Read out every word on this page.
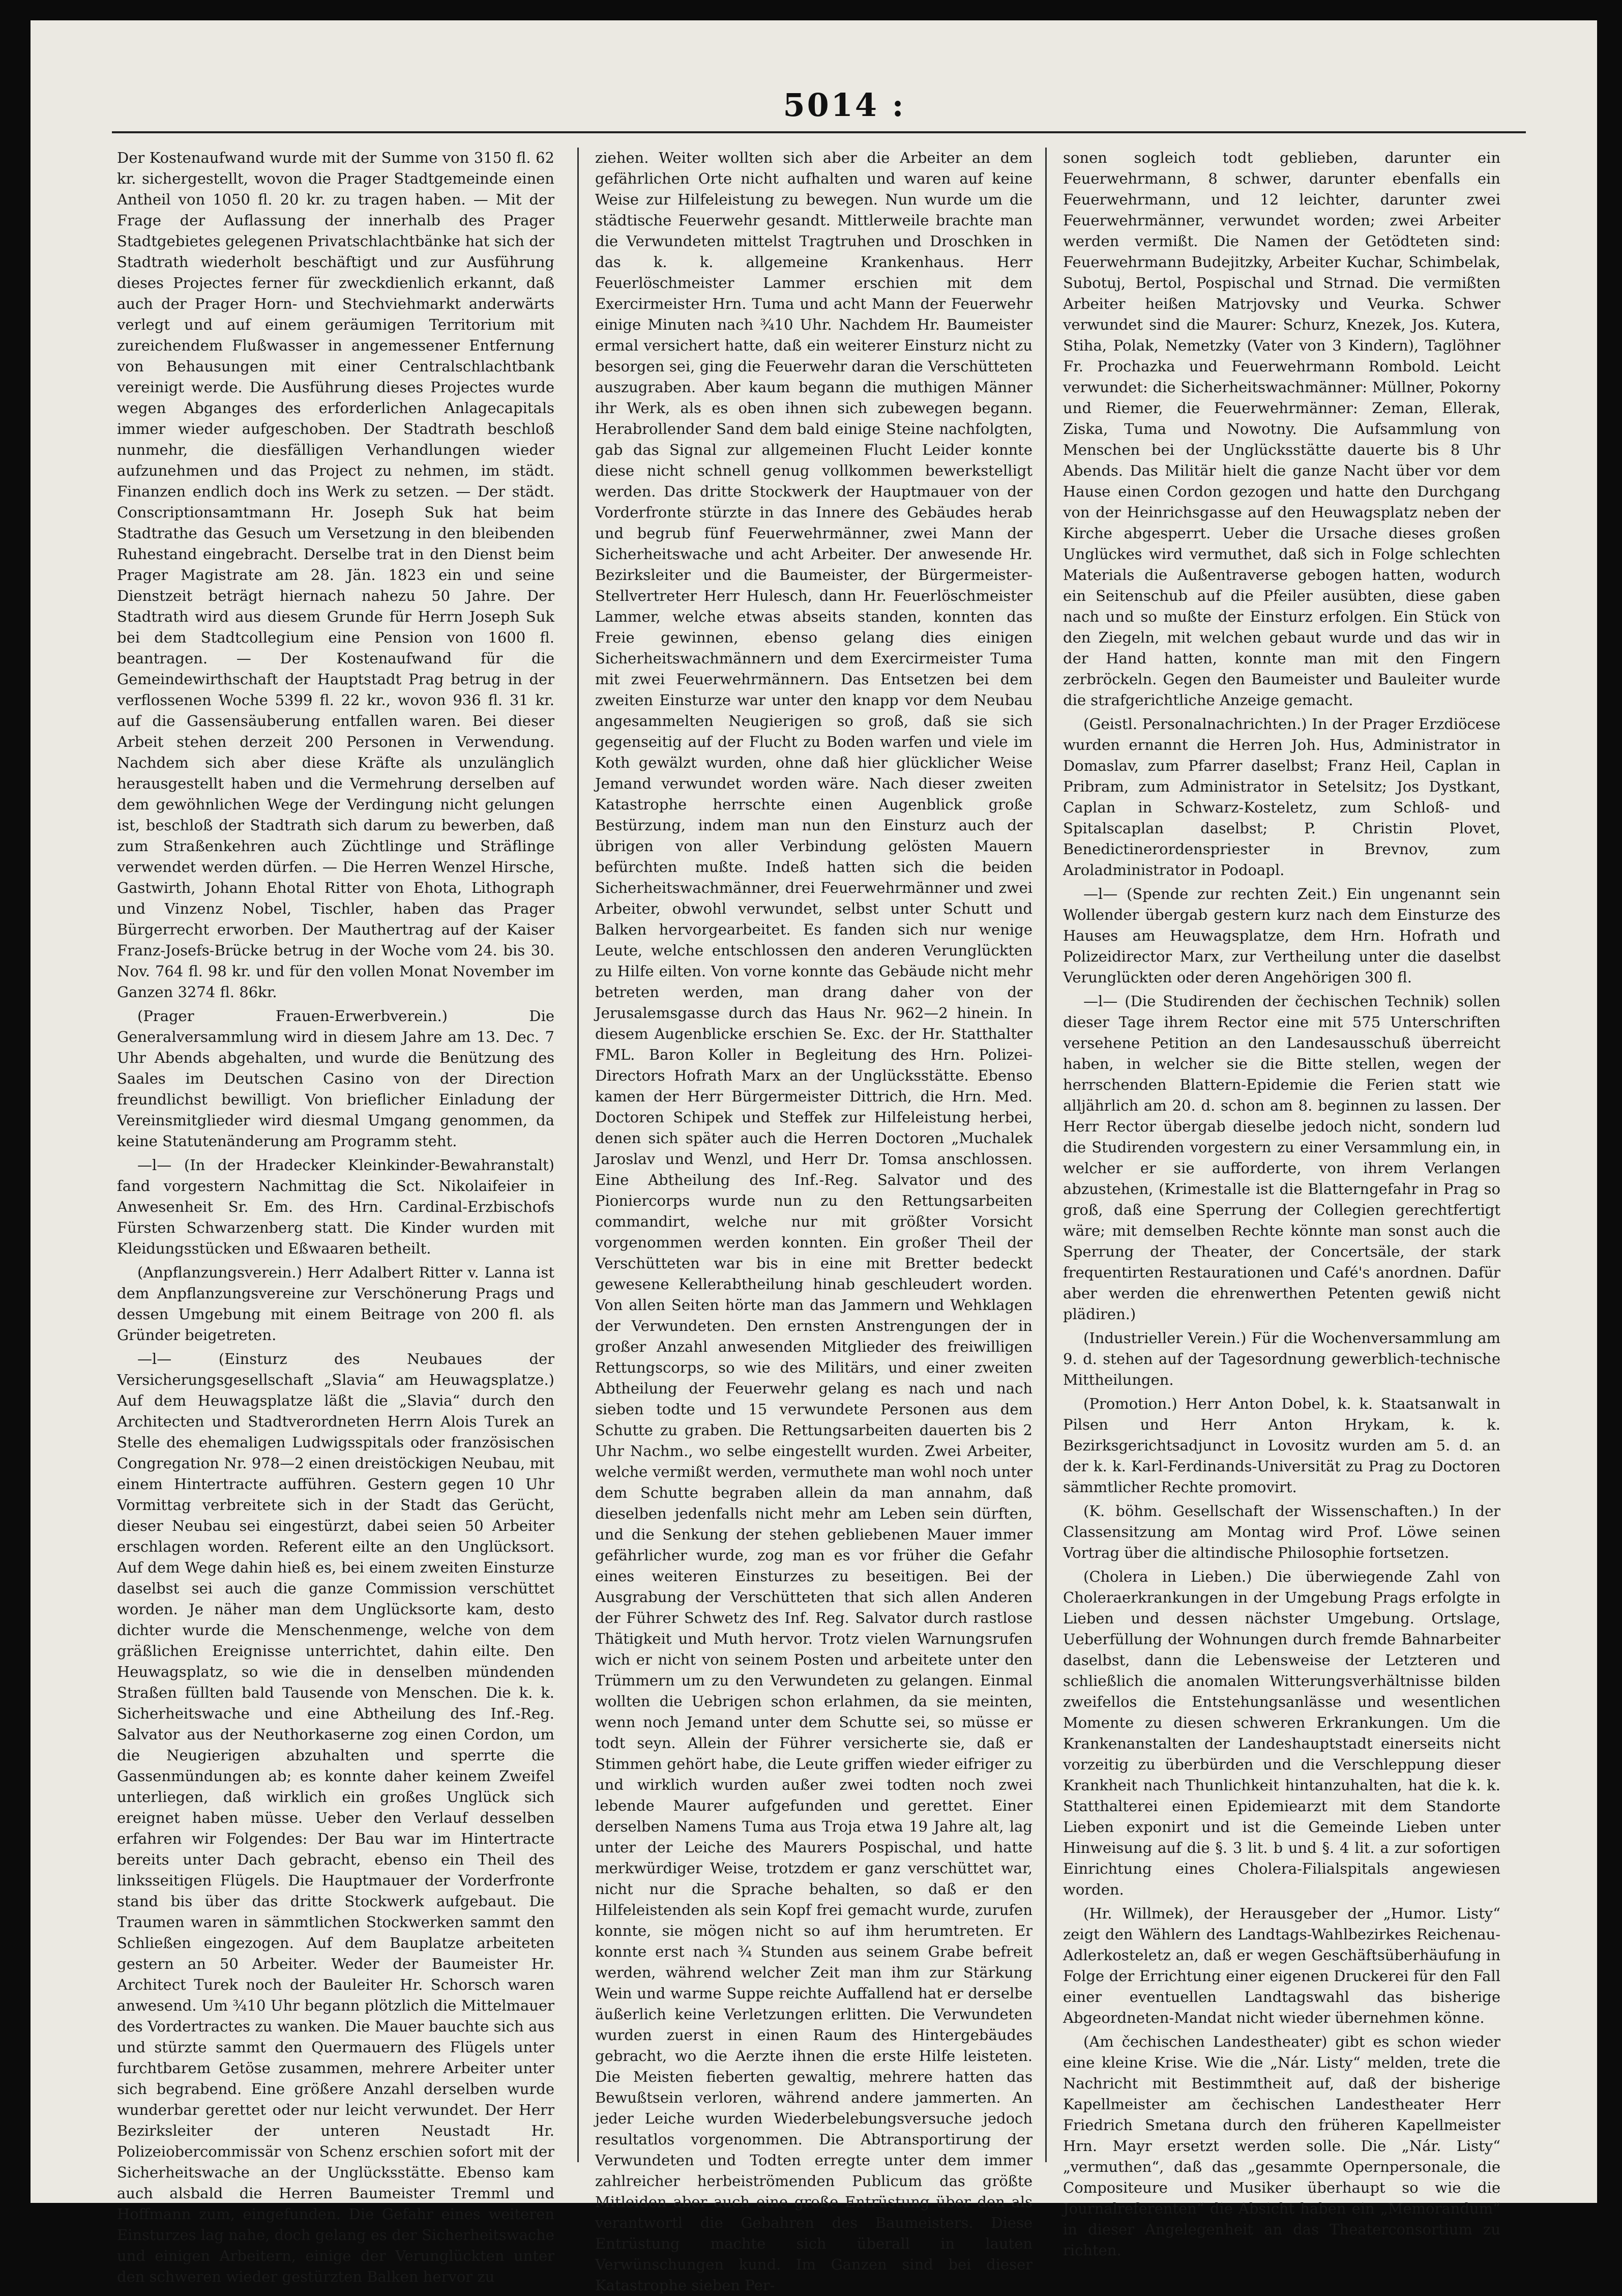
5014 :

Der Kostenaufwand wurde mit der Summe von 3150 fl. 62 kr. sichergestellt, wovon die Prager Stadtgemeinde einen Antheil von 1050 fl. 20 kr. zu tragen haben. — Mit der Frage der Auflassung der innerhalb des Prager Stadtgebietes gelegenen Privatschlachtbänke hat sich der Stadtrath wiederholt beschäftigt und zur Ausführung dieses Projectes ferner für zweckdienlich erkannt, daß auch der Prager Horn- und Stechviehmarkt anderwärts verlegt und auf einem geräumigen Territorium mit zureichendem Flußwasser in angemessener Entfernung von Behausungen mit einer Centralschlachtbank vereinigt werde. Die Ausführung dieses Projectes wurde wegen Abganges des erforderlichen Anlagecapitals immer wieder aufgeschoben. Der Stadtrath beschloß nunmehr, die diesfälligen Verhandlungen wieder aufzunehmen und das Project zu nehmen, im städt. Finanzen endlich doch ins Werk zu setzen. — Der städt. Conscriptionsamtmann Hr. Joseph Suk hat beim Stadtrathe das Gesuch um Versetzung in den bleibenden Ruhestand eingebracht. Derselbe trat in den Dienst beim Prager Magistrate am 28. Jän. 1823 ein und seine Dienstzeit beträgt hiernach nahezu 50 Jahre. Der Stadtrath wird aus diesem Grunde für Herrn Joseph Suk bei dem Stadtcollegium eine Pension von 1600 fl. beantragen. — Der Kostenaufwand für die Gemeindewirthschaft der Hauptstadt Prag betrug in der verflossenen Woche 5399 fl. 22 kr., wovon 936 fl. 31 kr. auf die Gassensäuberung entfallen waren. Bei dieser Arbeit stehen derzeit 200 Personen in Verwendung. Nachdem sich aber diese Kräfte als unzulänglich herausgestellt haben und die Vermehrung derselben auf dem gewöhnlichen Wege der Verdingung nicht gelungen ist, beschloß der Stadtrath sich darum zu bewerben, daß zum Straßenkehren auch Züchtlinge und Sträflinge verwendet werden dürfen. — Die Herren Wenzel Hirsche, Gastwirth, Johann Ehotal Ritter von Ehota, Lithograph und Vinzenz Nobel, Tischler, haben das Prager Bürgerrecht erworben. Der Mauthertrag auf der Kaiser Franz-Josefs-Brücke betrug in der Woche vom 24. bis 30. Nov. 764 fl. 98 kr. und für den vollen Monat November im Ganzen 3274 fl. 86kr.

(Prager Frauen-Erwerbverein.) Die Generalversammlung wird in diesem Jahre am 13. Dec. 7 Uhr Abends abgehalten, und wurde die Benützung des Saales im Deutschen Casino von der Direction freundlichst bewilligt. Von brieflicher Einladung der Vereinsmitglieder wird diesmal Umgang genommen, da keine Statutenänderung am Programm steht.

—l— (In der Hradecker Kleinkinder-Bewahranstalt) fand vorgestern Nachmittag die Sct. Nikolaifeier in Anwesenheit Sr. Em. des Hrn. Cardinal-Erzbischofs Fürsten Schwarzenberg statt. Die Kinder wurden mit Kleidungsstücken und Eßwaaren betheilt.

(Anpflanzungsverein.) Herr Adalbert Ritter v. Lanna ist dem Anpflanzungsvereine zur Verschönerung Prags und dessen Umgebung mit einem Beitrage von 200 fl. als Gründer beigetreten.

—l— (Einsturz des Neubaues der Versicherungsgesellschaft „Slavia“ am Heuwagsplatze.) Auf dem Heuwagsplatze läßt die „Slavia“ durch den Architecten und Stadtverordneten Herrn Alois Turek an Stelle des ehemaligen Ludwigsspitals oder französischen Congregation Nr. 978—2 einen dreistöckigen Neubau, mit einem Hintertracte aufführen. Gestern gegen 10 Uhr Vormittag verbreitete sich in der Stadt das Gerücht, dieser Neubau sei eingestürzt, dabei seien 50 Arbeiter erschlagen worden. Referent eilte an den Unglücksort. Auf dem Wege dahin hieß es, bei einem zweiten Einsturze daselbst sei auch die ganze Commission verschüttet worden. Je näher man dem Unglücksorte kam, desto dichter wurde die Menschenmenge, welche von dem gräßlichen Ereignisse unterrichtet, dahin eilte. Den Heuwagsplatz, so wie die in denselben mündenden Straßen füllten bald Tausende von Menschen. Die k. k. Sicherheitswache und eine Abtheilung des Inf.-Reg. Salvator aus der Neuthorkaserne zog einen Cordon, um die Neugierigen abzuhalten und sperrte die Gassenmündungen ab; es konnte daher keinem Zweifel unterliegen, daß wirklich ein großes Unglück sich ereignet haben müsse. Ueber den Verlauf desselben erfahren wir Folgendes: Der Bau war im Hintertracte bereits unter Dach gebracht, ebenso ein Theil des linksseitigen Flügels. Die Hauptmauer der Vorderfronte stand bis über das dritte Stockwerk aufgebaut. Die Traumen waren in sämmtlichen Stockwerken sammt den Schließen eingezogen. Auf dem Bauplatze arbeiteten gestern an 50 Arbeiter. Weder der Baumeister Hr. Architect Turek noch der Bauleiter Hr. Schorsch waren anwesend. Um ¾10 Uhr begann plötzlich die Mittelmauer des Vordertractes zu wanken. Die Mauer bauchte sich aus und stürzte sammt den Quermauern des Flügels unter furchtbarem Getöse zusammen, mehrere Arbeiter unter sich begrabend. Eine größere Anzahl derselben wurde wunderbar gerettet oder nur leicht verwundet. Der Herr Bezirksleiter der unteren Neustadt Hr. Polizeiobercommissär von Schenz erschien sofort mit der Sicherheitswache an der Unglücksstätte. Ebenso kam auch alsbald die Herren Baumeister Tremml und Hoffmann zum, eingefunden. Die Gefahr eines weiteren Einsturzes lag nahe, doch gelang es der Sicherheitswache und einigen Arbeitern, einige der Verunglückten unter den schweren wieder gestürzten Balken hervor zu

ziehen. Weiter wollten sich aber die Arbeiter an dem gefährlichen Orte nicht aufhalten und waren auf keine Weise zur Hilfeleistung zu bewegen. Nun wurde um die städtische Feuerwehr gesandt. Mittlerweile brachte man die Verwundeten mittelst Tragtruhen und Droschken in das k. k. allgemeine Krankenhaus. Herr Feuerlöschmeister Lammer erschien mit dem Exercirmeister Hrn. Tuma und acht Mann der Feuerwehr einige Minuten nach ¾10 Uhr. Nachdem Hr. Baumeister ermal versichert hatte, daß ein weiterer Einsturz nicht zu besorgen sei, ging die Feuerwehr daran die Verschütteten auszugraben. Aber kaum begann die muthigen Männer ihr Werk, als es oben ihnen sich zubewegen begann. Herabrollender Sand dem bald einige Steine nachfolgten, gab das Signal zur allgemeinen Flucht Leider konnte diese nicht schnell genug vollkommen bewerkstelligt werden. Das dritte Stockwerk der Hauptmauer von der Vorderfronte stürzte in das Innere des Gebäudes herab und begrub fünf Feuerwehrmänner, zwei Mann der Sicherheitswache und acht Arbeiter. Der anwesende Hr. Bezirksleiter und die Baumeister, der Bürgermeister-Stellvertreter Herr Hulesch, dann Hr. Feuerlöschmeister Lammer, welche etwas abseits standen, konnten das Freie gewinnen, ebenso gelang dies einigen Sicherheitswachmännern und dem Exercirmeister Tuma mit zwei Feuerwehrmännern. Das Entsetzen bei dem zweiten Einsturze war unter den knapp vor dem Neubau angesammelten Neugierigen so groß, daß sie sich gegenseitig auf der Flucht zu Boden warfen und viele im Koth gewälzt wurden, ohne daß hier glücklicher Weise Jemand verwundet worden wäre. Nach dieser zweiten Katastrophe herrschte einen Augenblick große Bestürzung, indem man nun den Einsturz auch der übrigen von aller Verbindung gelösten Mauern befürchten mußte. Indeß hatten sich die beiden Sicherheitswachmänner, drei Feuerwehrmänner und zwei Arbeiter, obwohl verwundet, selbst unter Schutt und Balken hervorgearbeitet. Es fanden sich nur wenige Leute, welche entschlossen den anderen Verunglückten zu Hilfe eilten. Von vorne konnte das Gebäude nicht mehr betreten werden, man drang daher von der Jerusalemsgasse durch das Haus Nr. 962—2 hinein. In diesem Augenblicke erschien Se. Exc. der Hr. Statthalter FML. Baron Koller in Begleitung des Hrn. Polizei-Directors Hofrath Marx an der Unglücksstätte. Ebenso kamen der Herr Bürgermeister Dittrich, die Hrn. Med. Doctoren Schipek und Steffek zur Hilfeleistung herbei, denen sich später auch die Herren Doctoren „Muchalek Jaroslav und Wenzl, und Herr Dr. Tomsa anschlossen. Eine Abtheilung des Inf.-Reg. Salvator und des Pioniercorps wurde nun zu den Rettungsarbeiten commandirt, welche nur mit größter Vorsicht vorgenommen werden konnten. Ein großer Theil der Verschütteten war bis in eine mit Bretter bedeckt gewesene Kellerabtheilung hinab geschleudert worden. Von allen Seiten hörte man das Jammern und Wehklagen der Verwundeten. Den ernsten Anstrengungen der in großer Anzahl anwesenden Mitglieder des freiwilligen Rettungscorps, so wie des Militärs, und einer zweiten Abtheilung der Feuerwehr gelang es nach und nach sieben todte und 15 verwundete Personen aus dem Schutte zu graben. Die Rettungsarbeiten dauerten bis 2 Uhr Nachm., wo selbe eingestellt wurden. Zwei Arbeiter, welche vermißt werden, vermuthete man wohl noch unter dem Schutte begraben allein da man annahm, daß dieselben jedenfalls nicht mehr am Leben sein dürften, und die Senkung der stehen gebliebenen Mauer immer gefährlicher wurde, zog man es vor früher die Gefahr eines weiteren Einsturzes zu beseitigen. Bei der Ausgrabung der Verschütteten that sich allen Anderen der Führer Schwetz des Inf. Reg. Salvator durch rastlose Thätigkeit und Muth hervor. Trotz vielen Warnungsrufen wich er nicht von seinem Posten und arbeitete unter den Trümmern um zu den Verwundeten zu gelangen. Einmal wollten die Uebrigen schon erlahmen, da sie meinten, wenn noch Jemand unter dem Schutte sei, so müsse er todt seyn. Allein der Führer versicherte sie, daß er Stimmen gehört habe, die Leute griffen wieder eifriger zu und wirklich wurden außer zwei todten noch zwei lebende Maurer aufgefunden und gerettet. Einer derselben Namens Tuma aus Troja etwa 19 Jahre alt, lag unter der Leiche des Maurers Pospischal, und hatte merkwürdiger Weise, trotzdem er ganz verschüttet war, nicht nur die Sprache behalten, so daß er den Hilfeleistenden als sein Kopf frei gemacht wurde, zurufen konnte, sie mögen nicht so auf ihm herumtreten. Er konnte erst nach ¾ Stunden aus seinem Grabe befreit werden, während welcher Zeit man ihm zur Stärkung Wein und warme Suppe reichte Auffallend hat er derselbe äußerlich keine Verletzungen erlitten. Die Verwundeten wurden zuerst in einen Raum des Hintergebäudes gebracht, wo die Aerzte ihnen die erste Hilfe leisteten. Die Meisten fieberten gewaltig, mehrere hatten das Bewußtsein verloren, während andere jammerten. An jeder Leiche wurden Wiederbelebungsversuche jedoch resultatlos vorgenommen. Die Abtransportirung der Verwundeten und Todten erregte unter dem immer zahlreicher herbeiströmenden Publicum das größte Mitleiden aber auch eine große Entrüstung über den als verantwortl die Gebahren des Baumeisters. Diese Entrüstung machte sich überall in lauten Verwünschungen kund. Im Ganzen sind bei dieser Katastrophe sieben Per-

sonen sogleich todt geblieben, darunter ein Feuerwehrmann, 8 schwer, darunter ebenfalls ein Feuerwehrmann, und 12 leichter, darunter zwei Feuerwehrmänner, verwundet worden; zwei Arbeiter werden vermißt. Die Namen der Getödteten sind: Feuerwehrmann Budejitzky, Arbeiter Kuchar, Schimbelak, Subotuj, Bertol, Pospischal und Strnad. Die vermißten Arbeiter heißen Matrjovsky und Veurka. Schwer verwundet sind die Maurer: Schurz, Knezek, Jos. Kutera, Stiha, Polak, Nemetzky (Vater von 3 Kindern), Taglöhner Fr. Prochazka und Feuerwehrmann Rombold. Leicht verwundet: die Sicherheitswachmänner: Müllner, Pokorny und Riemer, die Feuerwehrmänner: Zeman, Ellerak, Ziska, Tuma und Nowotny. Die Aufsammlung von Menschen bei der Unglücksstätte dauerte bis 8 Uhr Abends. Das Militär hielt die ganze Nacht über vor dem Hause einen Cordon gezogen und hatte den Durchgang von der Heinrichsgasse auf den Heuwagsplatz neben der Kirche abgesperrt. Ueber die Ursache dieses großen Unglückes wird vermuthet, daß sich in Folge schlechten Materials die Außentraverse gebogen hatten, wodurch ein Seitenschub auf die Pfeiler ausübten, diese gaben nach und so mußte der Einsturz erfolgen. Ein Stück von den Ziegeln, mit welchen gebaut wurde und das wir in der Hand hatten, konnte man mit den Fingern zerbröckeln. Gegen den Baumeister und Bauleiter wurde die strafgerichtliche Anzeige gemacht.

(Geistl. Personalnachrichten.) In der Prager Erzdiöcese wurden ernannt die Herren Joh. Hus, Administrator in Domaslav, zum Pfarrer daselbst; Franz Heil, Caplan in Pribram, zum Administrator in Setelsitz; Jos Dystkant, Caplan in Schwarz-Kosteletz, zum Schloß- und Spitalscaplan daselbst; P. Christin Plovet, Benedictinerordenspriester in Brevnov, zum Aroladministrator in Podoapl.

—l— (Spende zur rechten Zeit.) Ein ungenannt sein Wollender übergab gestern kurz nach dem Einsturze des Hauses am Heuwagsplatze, dem Hrn. Hofrath und Polizeidirector Marx, zur Vertheilung unter die daselbst Verunglückten oder deren Angehörigen 300 fl.

—l— (Die Studirenden der čechischen Technik) sollen dieser Tage ihrem Rector eine mit 575 Unterschriften versehene Petition an den Landesausschuß überreicht haben, in welcher sie die Bitte stellen, wegen der herrschenden Blattern-Epidemie die Ferien statt wie alljährlich am 20. d. schon am 8. beginnen zu lassen. Der Herr Rector übergab dieselbe jedoch nicht, sondern lud die Studirenden vorgestern zu einer Versammlung ein, in welcher er sie aufforderte, von ihrem Verlangen abzustehen, (Krimestalle ist die Blatterngefahr in Prag so groß, daß eine Sperrung der Collegien gerechtfertigt wäre; mit demselben Rechte könnte man sonst auch die Sperrung der Theater, der Concertsäle, der stark frequentirten Restaurationen und Café's anordnen. Dafür aber werden die ehrenwerthen Petenten gewiß nicht plädiren.)

(Industrieller Verein.) Für die Wochenversammlung am 9. d. stehen auf der Tagesordnung gewerblich-technische Mittheilungen.

(Promotion.) Herr Anton Dobel, k. k. Staatsanwalt in Pilsen und Herr Anton Hrykam, k. k. Bezirksgerichtsadjunct in Lovositz wurden am 5. d. an der k. k. Karl-Ferdinands-Universität zu Prag zu Doctoren sämmtlicher Rechte promovirt.

(K. böhm. Gesellschaft der Wissenschaften.) In der Classensitzung am Montag wird Prof. Löwe seinen Vortrag über die altindische Philosophie fortsetzen.

(Cholera in Lieben.) Die überwiegende Zahl von Choleraerkrankungen in der Umgebung Prags erfolgte in Lieben und dessen nächster Umgebung. Ortslage, Ueberfüllung der Wohnungen durch fremde Bahnarbeiter daselbst, dann die Lebensweise der Letzteren und schließlich die anomalen Witterungsverhältnisse bilden zweifellos die Entstehungsanlässe und wesentlichen Momente zu diesen schweren Erkrankungen. Um die Krankenanstalten der Landeshauptstadt einerseits nicht vorzeitig zu überbürden und die Verschleppung dieser Krankheit nach Thunlichkeit hintanzuhalten, hat die k. k. Statthalterei einen Epidemiearzt mit dem Standorte Lieben exponirt und ist die Gemeinde Lieben unter Hinweisung auf die §. 3 lit. b und §. 4 lit. a zur sofortigen Einrichtung eines Cholera-Filialspitals angewiesen worden.

(Hr. Willmek), der Herausgeber der „Humor. Listy“ zeigt den Wählern des Landtags-Wahlbezirkes Reichenau-Adlerkosteletz an, daß er wegen Geschäftsüberhäufung in Folge der Errichtung einer eigenen Druckerei für den Fall einer eventuellen Landtagswahl das bisherige Abgeordneten-Mandat nicht wieder übernehmen könne.

(Am čechischen Landestheater) gibt es schon wieder eine kleine Krise. Wie die „Nár. Listy“ melden, trete die Nachricht mit Bestimmtheit auf, daß der bisherige Kapellmeister am čechischen Landestheater Herr Friedrich Smetana durch den früheren Kapellmeister Hrn. Mayr ersetzt werden solle. Die „Nár. Listy“ „vermuthen“, daß das „gesammte Opernpersonale, die Compositeure und Musiker überhaupt so wie die Journalreferenten“ die Absicht haben ein „Memorandum“ in dieser Angelegenheit an das Theaterconsortium zu richten.
